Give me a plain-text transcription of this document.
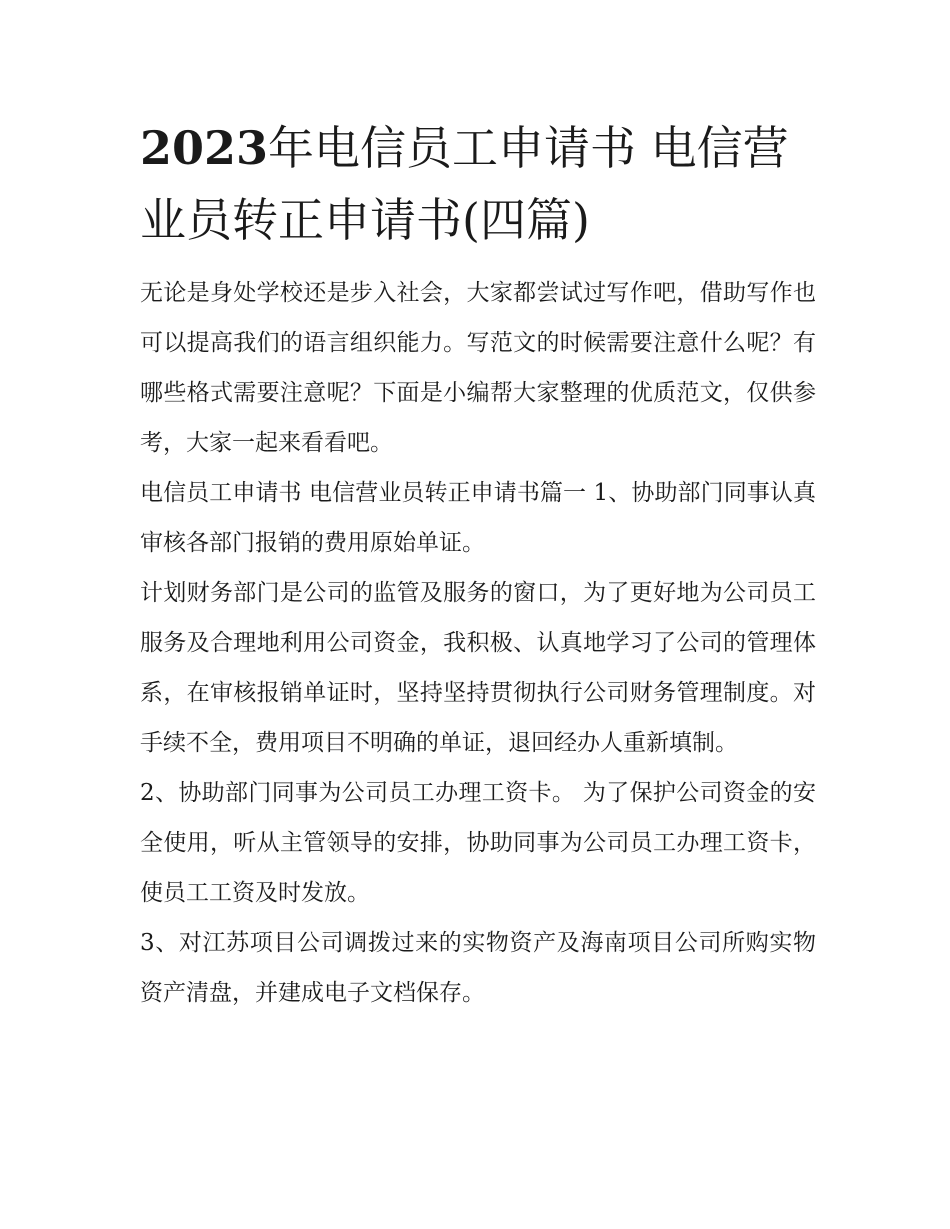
2023年电信员工申请书 电信营业员转正申请书(四篇)

无论是身处学校还是步入社会，大家都尝试过写作吧，借助写作也可以提高我们的语言组织能力。写范文的时候需要注意什么呢？有哪些格式需要注意呢？下面是小编帮大家整理的优质范文，仅供参考，大家一起来看看吧。

电信员工申请书 电信营业员转正申请书篇一 1、协助部门同事认真审核各部门报销的费用原始单证。

计划财务部门是公司的监管及服务的窗口，为了更好地为公司员工服务及合理地利用公司资金，我积极、认真地学习了公司的管理体系，在审核报销单证时，坚持坚持贯彻执行公司财务管理制度。对手续不全，费用项目不明确的单证，退回经办人重新填制。

2、协助部门同事为公司员工办理工资卡。 为了保护公司资金的安全使用，听从主管领导的安排，协助同事为公司员工办理工资卡，使员工工资及时发放。

3、对江苏项目公司调拨过来的实物资产及海南项目公司所购实物资产清盘，并建成电子文档保存。
